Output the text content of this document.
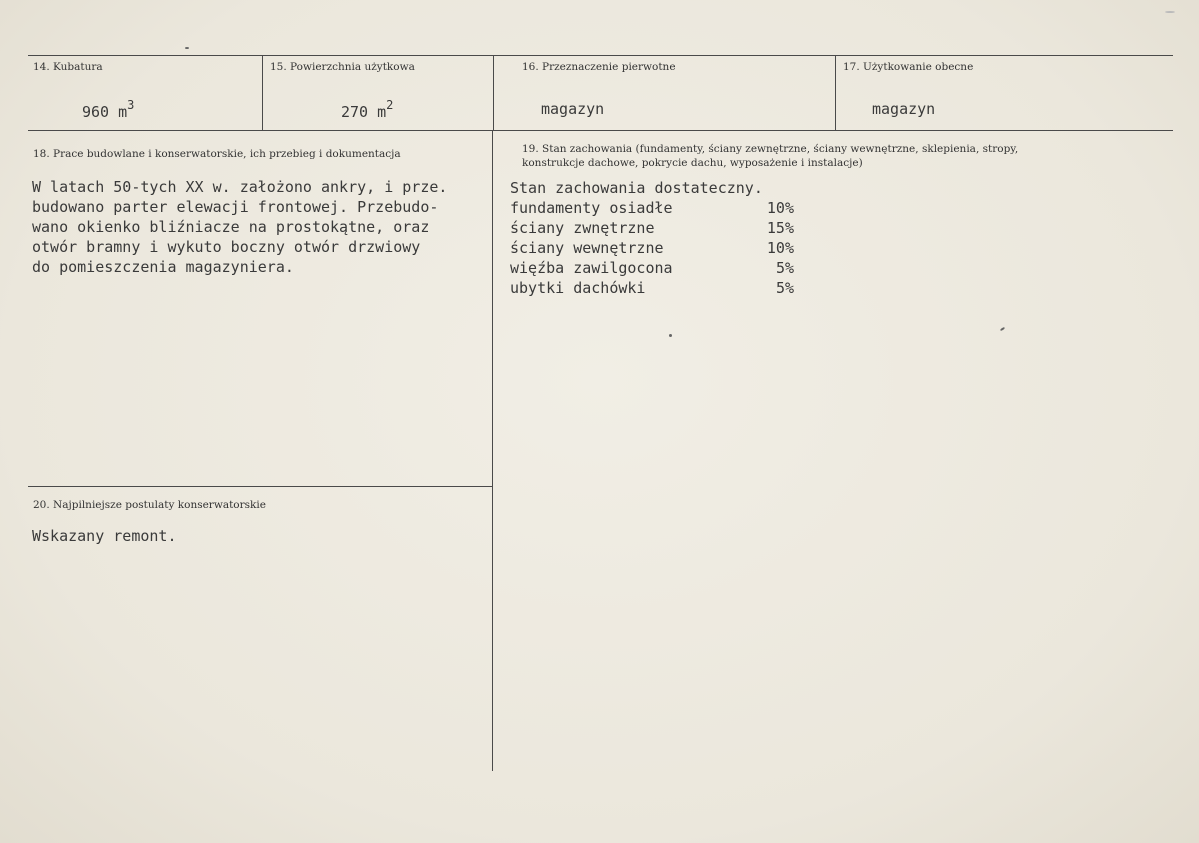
14. Kubatura
960 $m^3$
15. Powierzchnia użytkowa
270 $m^2$
16. Przeznaczenie pierwotne
magazyn
17. Użytkowanie obecne
magazyn
18. Prace budowlane i konserwatorskie, ich przebieg i dokumentacja
W latach 50-tych XX w. założono ankry, i prze.
budowano parter elewacji frontowej. Przebudo-
wano okienko bliźniacze na prostokątne, oraz
otwór bramny i wykuto boczny otwór drzwiowy
do pomieszczenia magazyniera.
19. Stan zachowania (fundamenty, ściany zewnętrzne, ściany wewnętrzne, sklepienia, stropy,
konstrukcje dachowe, pokrycie dachu, wyposażenie i instalacje)
Stan zachowania dostateczny.
fundamenty osiadłe	10%
ściany zwnętrzne	15%
ściany wewnętrzne	10%
więźba zawilgocona	5%
ubytki dachówki	5%
20. Najpilniejsze postulaty konserwatorskie
Wskazany remont.
